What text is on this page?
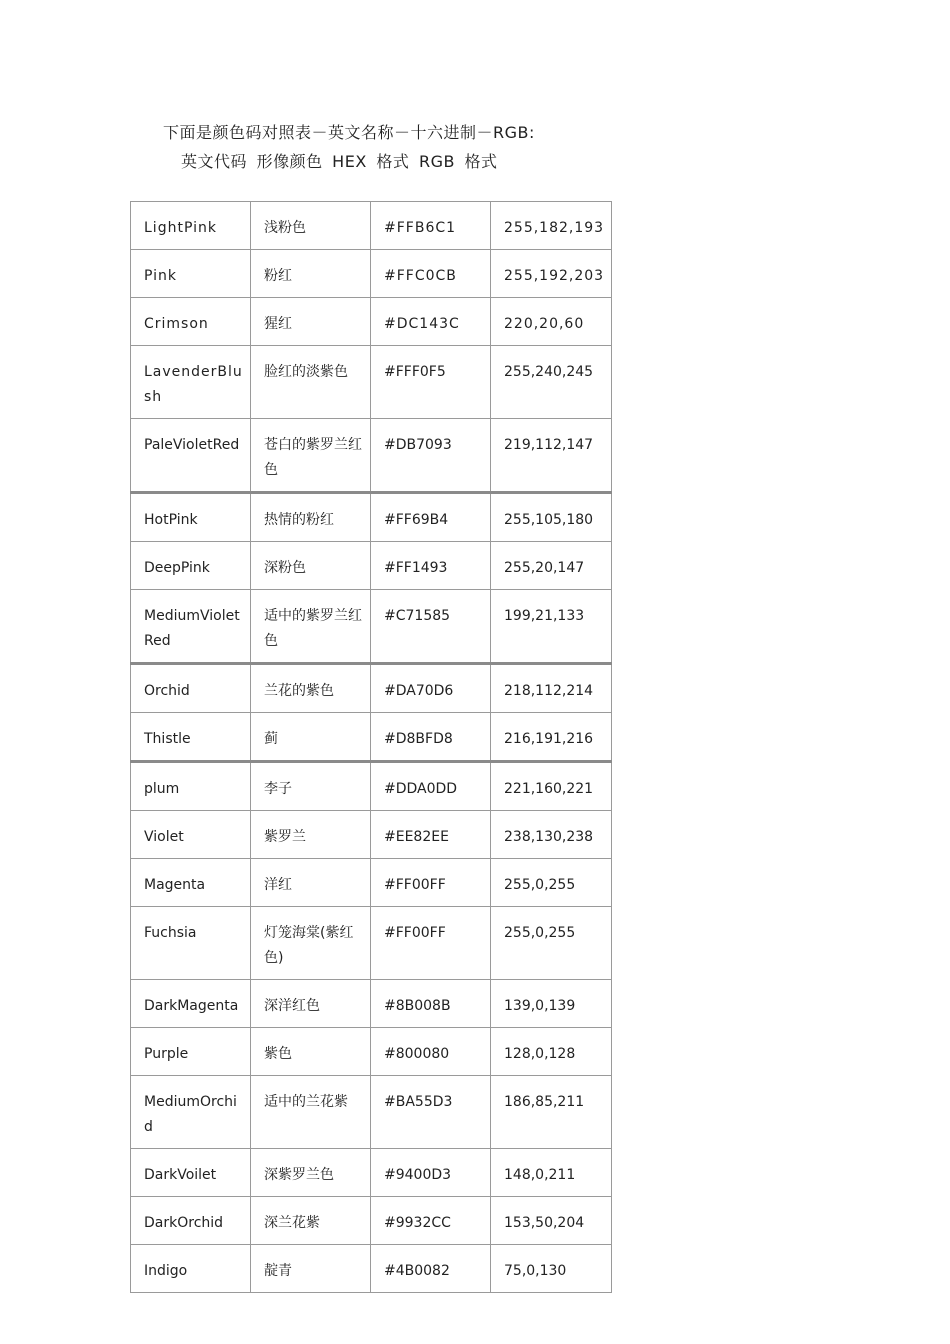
下面是颜色码对照表－英文名称－十六进制－RGB:

英文代码 形像颜色 HEX 格式 RGB 格式

LightPink	浅粉色	#FFB6C1	255,182,193
Pink	粉红	#FFC0CB	255,192,203
Crimson	猩红	#DC143C	220,20,60
LavenderBlush	脸红的淡紫色	#FFF0F5	255,240,245
PaleVioletRed	苍白的紫罗兰红色	#DB7093	219,112,147
HotPink	热情的粉红	#FF69B4	255,105,180
DeepPink	深粉色	#FF1493	255,20,147
MediumVioletRed	适中的紫罗兰红色	#C71585	199,21,133
Orchid	兰花的紫色	#DA70D6	218,112,214
Thistle	蓟	#D8BFD8	216,191,216
plum	李子	#DDA0DD	221,160,221
Violet	紫罗兰	#EE82EE	238,130,238
Magenta	洋红	#FF00FF	255,0,255
Fuchsia	灯笼海棠(紫红色)	#FF00FF	255,0,255
DarkMagenta	深洋红色	#8B008B	139,0,139
Purple	紫色	#800080	128,0,128
MediumOrchid	适中的兰花紫	#BA55D3	186,85,211
DarkVoilet	深紫罗兰色	#9400D3	148,0,211
DarkOrchid	深兰花紫	#9932CC	153,50,204
Indigo	靛青	#4B0082	75,0,130
